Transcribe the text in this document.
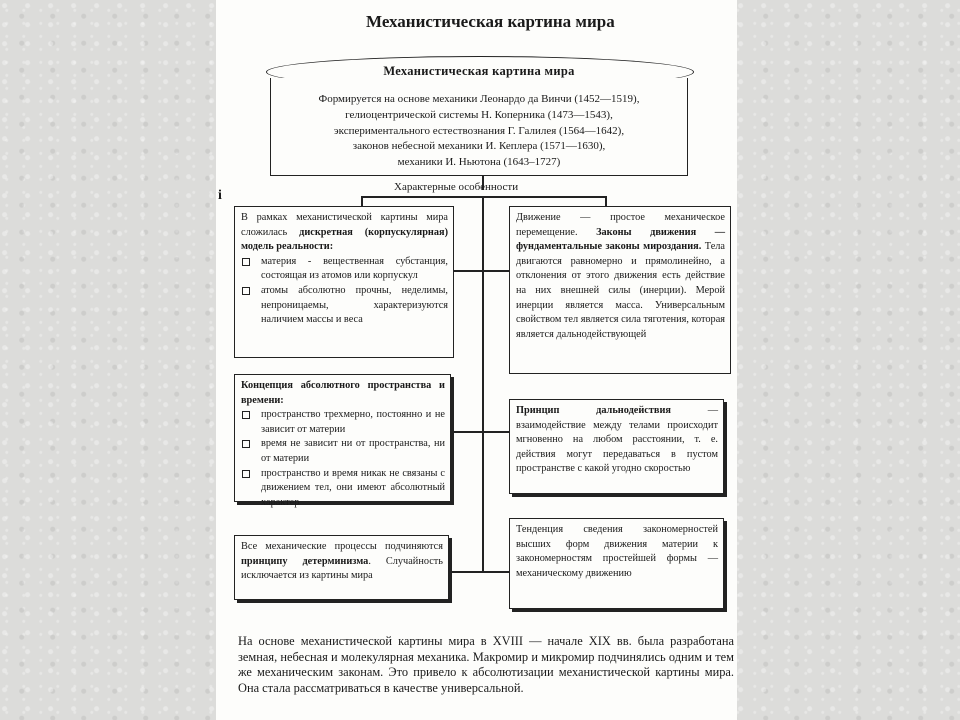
Механистическая картина мира
Механистическая картина мира
Формируется на основе механики Леонардо да Винчи (1452—1519),
гелиоцентрической системы Н. Коперника (1473—1543),
экспериментального естествознания Г. Галилея (1564—1642),
законов небесной механики И. Кеплера (1571—1630),
механики И. Ньютона (1643–1727)
Характерные особенности

В рамках механистической картины мира сложилась дискретная (корпускулярная) модель реальности:

материя - вещественная субстанция, состоящая из атомов или корпускул
атомы абсолютно прочны, неделимы, непроницаемы, характеризуются наличием массы и веса

Концепция абсолютного пространства и времени:

пространство трехмерно, постоянно и не зависит от материи
время не зависит ни от пространства, ни от материи
пространство и время никак не связаны с движением тел, они имеют абсолютный характер

Все механические процессы подчиняются принципу детерминизма. Случайность исключается из картины мира

Движение — простое механическое перемещение. Законы движения — фундаментальные законы мироздания. Тела двигаются равномерно и прямолинейно, а отклонения от этого движения есть действие на них внешней силы (инерции). Мерой инерции является масса. Универсальным свойством тел является сила тяготения, которая является дальнодействующей

Принцип дальнодействия — взаимодействие между телами происходит мгновенно на любом расстоянии, т. е. действия могут передаваться в пустом пространстве с какой угодно скоростью

Тенденция сведения закономерностей высших форм движения материи к закономерностям простейшей формы — механическому движению

На основе механистической картины мира в XVIII — начале XIX вв. была разработана земная, небесная и молекулярная механика. Макромир и микромир подчинялись одним и тем же механическим законам. Это привело к абсолютизации механистической картины мира. Она стала рассматриваться в качестве универсальной.
i
